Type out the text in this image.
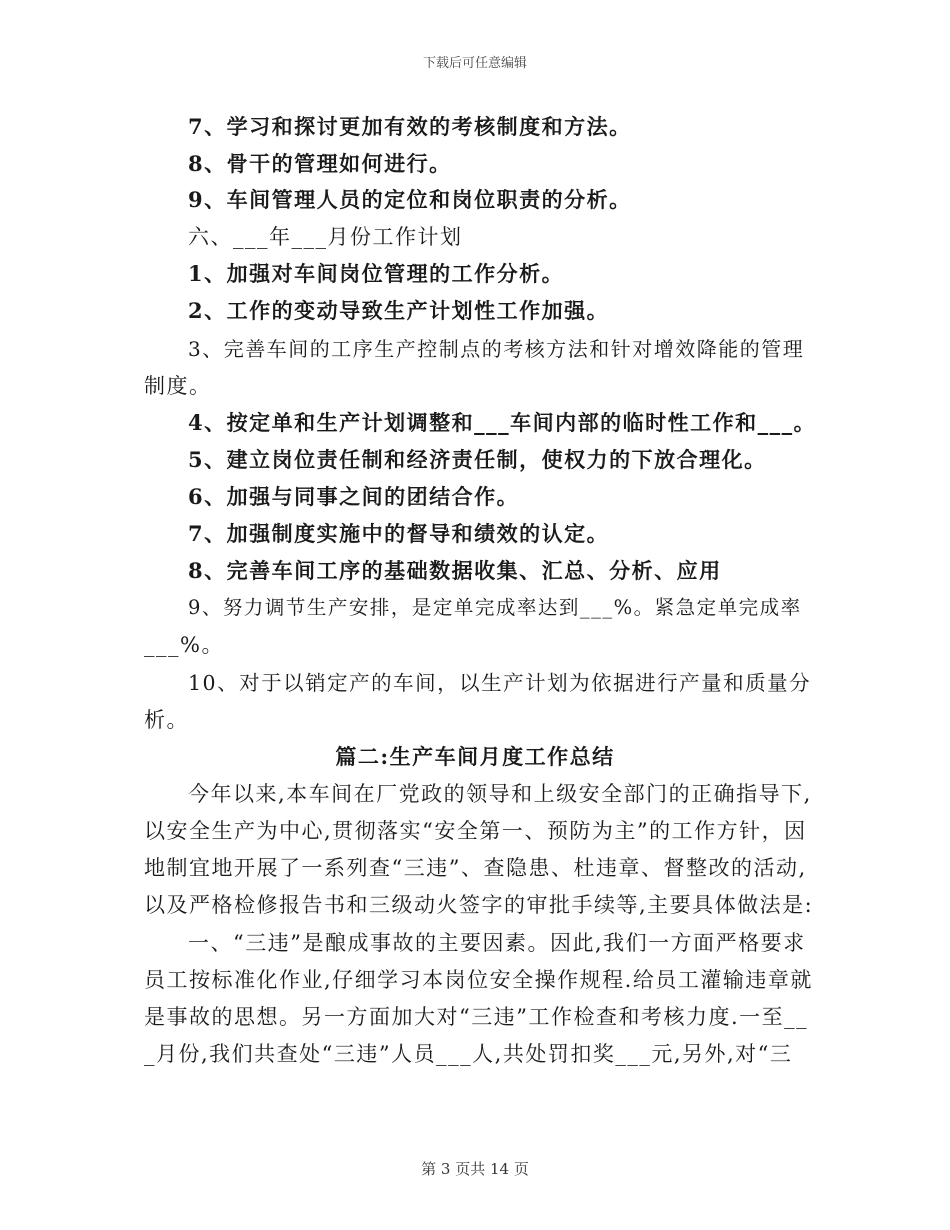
下载后可任意编辑
7、学习和探讨更加有效的考核制度和方法。
8、骨干的管理如何进行。
9、车间管理人员的定位和岗位职责的分析。
六、___年___月份工作计划
1、加强对车间岗位管理的工作分析。
2、工作的变动导致生产计划性工作加强。
3、完善车间的工序生产控制点的考核方法和针对增效降能的管理
制度。
4、按定单和生产计划调整和___车间内部的临时性工作和___。
5、建立岗位责任制和经济责任制，使权力的下放合理化。
6、加强与同事之间的团结合作。
7、加强制度实施中的督导和绩效的认定。
8、完善车间工序的基础数据收集、汇总、分析、应用
9、努力调节生产安排，是定单完成率达到___%。紧急定单完成率
___%。
10、对于以销定产的车间，以生产计划为依据进行产量和质量分
析。
篇二:生产车间月度工作总结
今年以来,本车间在厂党政的领导和上级安全部门的正确指导下,
以安全生产为中心,贯彻落实“安全第一、预防为主”的工作方针，因
地制宜地开展了一系列查“三违”、查隐患、杜违章、督整改的活动,
以及严格检修报告书和三级动火签字的审批手续等,主要具体做法是:
一、“三违”是酿成事故的主要因素。因此,我们一方面严格要求
员工按标准化作业,仔细学习本岗位安全操作规程.给员工灌输违章就
是事故的思想。另一方面加大对“三违”工作检查和考核力度.一至__
_月份,我们共查处“三违”人员___人,共处罚扣奖___元,另外,对“三
第 3 页共 14 页
